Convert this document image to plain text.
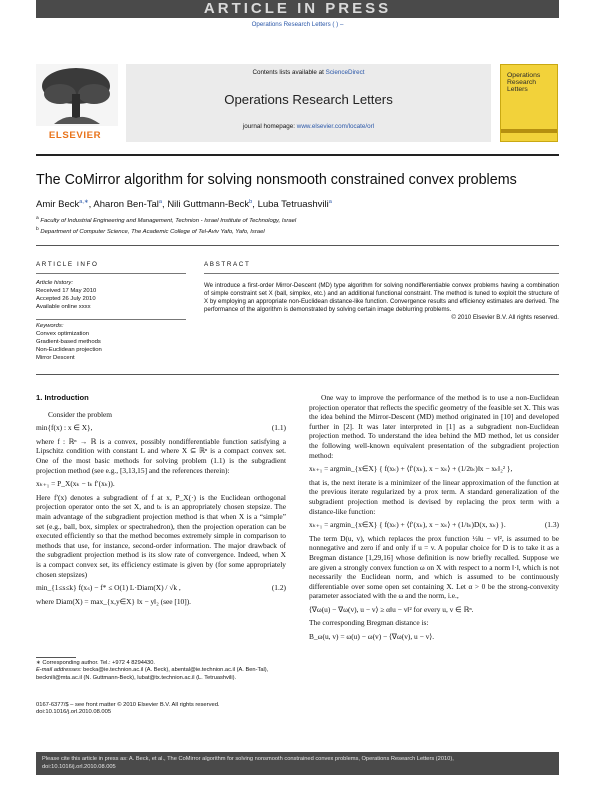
ARTICLE IN PRESS
Operations Research Letters ( ) –
ELSEVIER
Contents lists available at ScienceDirect
Operations Research Letters
journal homepage: www.elsevier.com/locate/orl
Operations Research Letters
The CoMirror algorithm for solving nonsmooth constrained convex problems
Amir Beck$^{a,∗}$, Aharon Ben-Tal$^a$, Nili Guttmann-Beck$^b$, Luba Tetruashvili$^a$
$^a$ Faculty of Industrial Engineering and Management, Technion - Israel Institute of Technology, Israel
$^b$ Department of Computer Science, The Academic College of Tel-Aviv Yafo, Yafo, Israel
ARTICLE INFO
Article history:
Received 17 May 2010
Accepted 26 July 2010
Available online xxxx
Keywords:
Convex optimization
Gradient-based methods
Non-Euclidean projection
Mirror Descent
ABSTRACT

We introduce a first-order Mirror-Descent (MD) type algorithm for solving nondifferentiable convex problems having a combination of simple constraint set X (ball, simplex, etc.) and an additional functional constraint. The method is tuned to exploit the structure of X by employing an appropriate non-Euclidean distance-like function. Convergence results and efficiency estimates are derived. The performance of the algorithm is demonstrated by solving certain image deblurring problems.

© 2010 Elsevier B.V. All rights reserved.

1. Introduction

Consider the problem

min{f(x) : x ∈ X},	(1.1)

where f : ℝⁿ → ℝ is a convex, possibly nondifferentiable function satisfying a Lipschitz condition with constant L and where X ⊆ ℝⁿ is a compact convex set. One of the most basic methods for solving problem (1.1) is the subgradient projection method (see e.g., [3,13,15] and the references therein):

xₖ₊₁ = P_X(xₖ − tₖ f′(xₖ)).

Here f′(x) denotes a subgradient of f at x, P_X(·) is the Euclidean orthogonal projection operator onto the set X, and tₖ is an appropriately chosen stepsize. The main advantage of the subgradient projection method is that when X is a “simple” set (e.g., ball, box, simplex or spectrahedron), then the projection operation can be executed efficiently so that the method becomes extremely simple in comparison to methods that use, for instance, second-order information. The major drawback of the subgradient projection method is its slow rate of convergence. Indeed, when X is a compact convex set, its efficiency estimate is given by (for some appropriately chosen stepsizes)

min_{1≤s≤k} f(xₛ) − f* ≤ O(1) L·Diam(X) / √k ,	(1.2)

where Diam(X) = max_{x,y∈X} ‖x − y‖₂ (see [10]).

One way to improve the performance of the method is to use a non-Euclidean projection operator that reflects the specific geometry of the feasible set X. This was the idea behind the Mirror-Descent (MD) method originated in [10] and developed further in [2]. It was later interpreted in [1] as a subgradient non-Euclidean projection method. To understand the idea behind the MD method, let us consider the following well-known equivalent presentation of the subgradient projection method:

xₖ₊₁ = argmin_{x∈X} { f(xₖ) + ⟨f′(xₖ), x − xₖ⟩ + (1/2tₖ)‖x − xₖ‖₂² },

that is, the next iterate is a minimizer of the linear approximation of the function at the previous iterate regularized by a prox term. A standard generalization of the subgradient projection method is devised by replacing the prox term with a distance-like function:

xₖ₊₁ = argmin_{x∈X} { f(xₖ) + ⟨f′(xₖ), x − xₖ⟩ + (1/tₖ)D(x, xₖ) }.	(1.3)

The term D(u, v), which replaces the prox function ½‖u − v‖², is assumed to be nonnegative and zero if and only if u = v. A popular choice for D is to take it as a Bregman distance [1,29,16] whose definition is now briefly recalled. Suppose we are given a strongly convex function ω on X with respect to a norm ‖·‖, which is not necessarily the Euclidean norm, and which is assumed to be continuously differentiable over some open set containing X. Let α > 0 be the strong-convexity parameter associated with the ω and the norm, i.e.,

⟨∇ω(u) − ∇ω(v), u − v⟩ ≥ α‖u − v‖² for every u, v ∈ ℝⁿ.

The corresponding Bregman distance is:

B_ω(u, v) = ω(u) − ω(v) − ⟨∇ω(v), u − v⟩.
∗ Corresponding author. Tel.: +972 4 8294430.
E-mail addresses: becka@ie.technion.ac.il (A. Beck), abental@ie.technion.ac.il (A. Ben-Tal), becknili@mta.ac.il (N. Guttmann-Beck), lubat@tx.technion.ac.il (L. Tetruashvili).
0167-6377/$ – see front matter © 2010 Elsevier B.V. All rights reserved.
doi:10.1016/j.orl.2010.08.005
Please cite this article in press as: A. Beck, et al., The CoMirror algorithm for solving nonsmooth constrained convex problems, Operations Research Letters (2010),
doi:10.1016/j.orl.2010.08.005
